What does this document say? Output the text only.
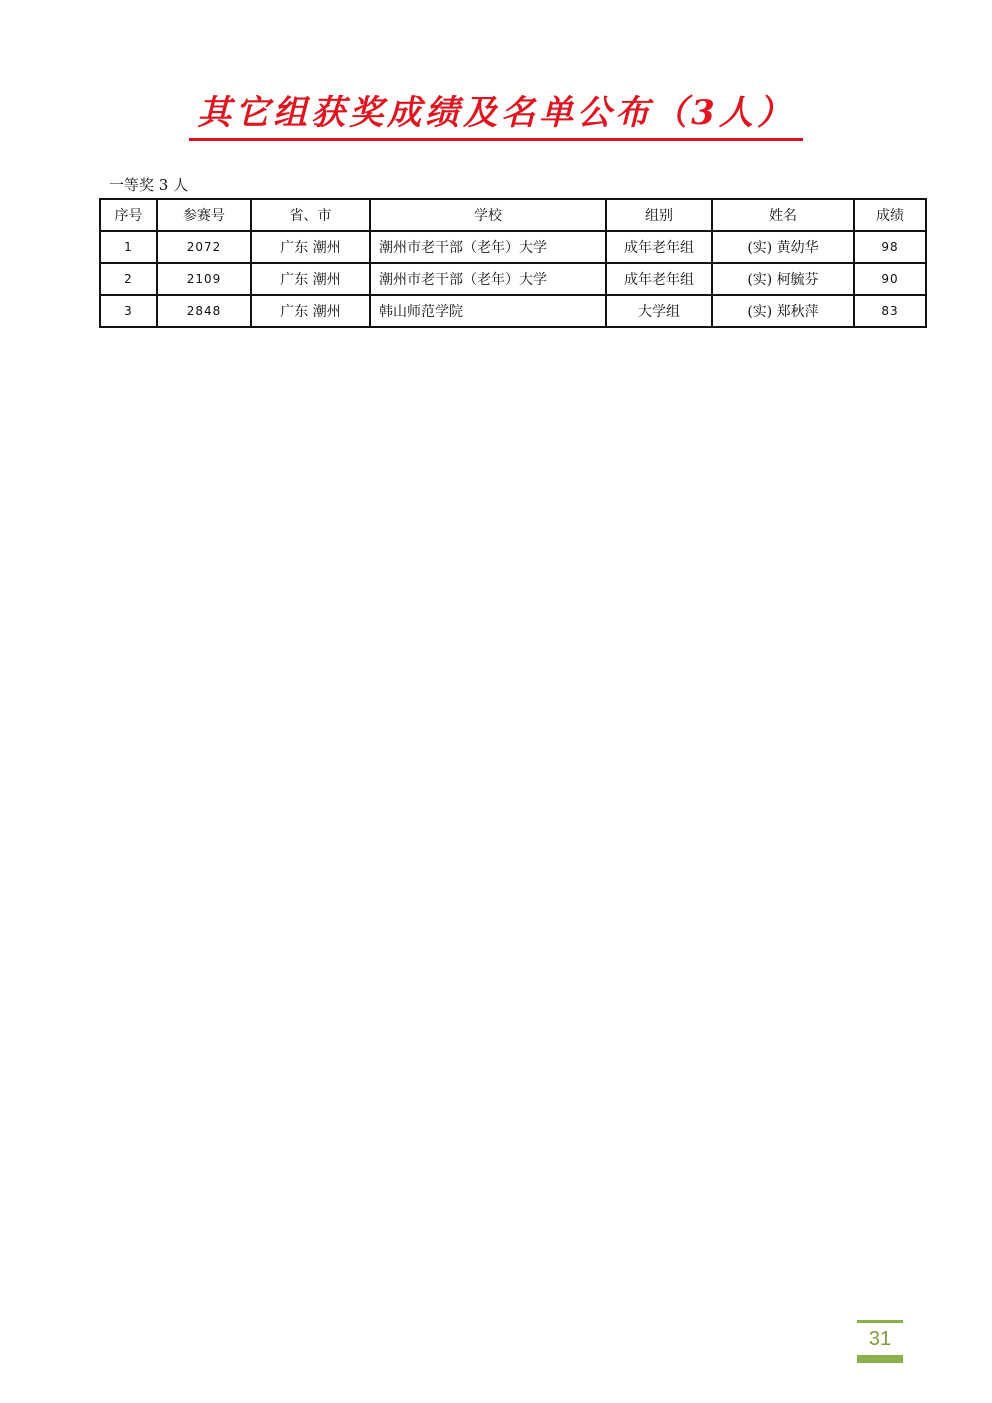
其它组获奖成绩及名单公布（3人）
一等奖 3 人
序号	参赛号	省、市	学校	组别	姓名	成绩
1	2072	广东 潮州	潮州市老干部（老年）大学	成年老年组	(实) 黄幼华	98
2	2109	广东 潮州	潮州市老干部（老年）大学	成年老年组	(实) 柯毓芬	90
3	2848	广东 潮州	韩山师范学院	大学组	(实) 郑秋萍	83
31
